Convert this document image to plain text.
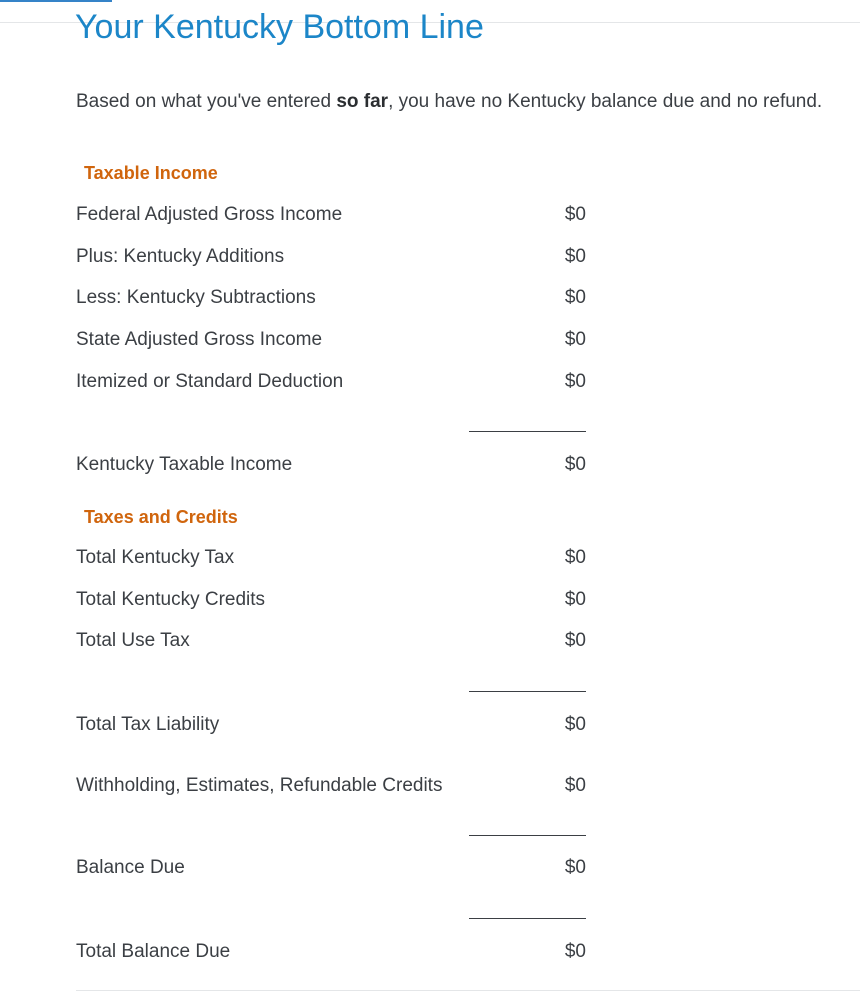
Your Kentucky Bottom Line
Based on what you've entered so far, you have no Kentucky balance due and no refund.
Taxable Income
Federal Adjusted Gross Income	$0
Plus: Kentucky Additions	$0
Less: Kentucky Subtractions	$0
State Adjusted Gross Income	$0
Itemized or Standard Deduction	$0
Kentucky Taxable Income	$0
Taxes and Credits
Total Kentucky Tax	$0
Total Kentucky Credits	$0
Total Use Tax	$0
Total Tax Liability	$0
Withholding, Estimates, Refundable Credits	$0
Balance Due	$0
Total Balance Due	$0
